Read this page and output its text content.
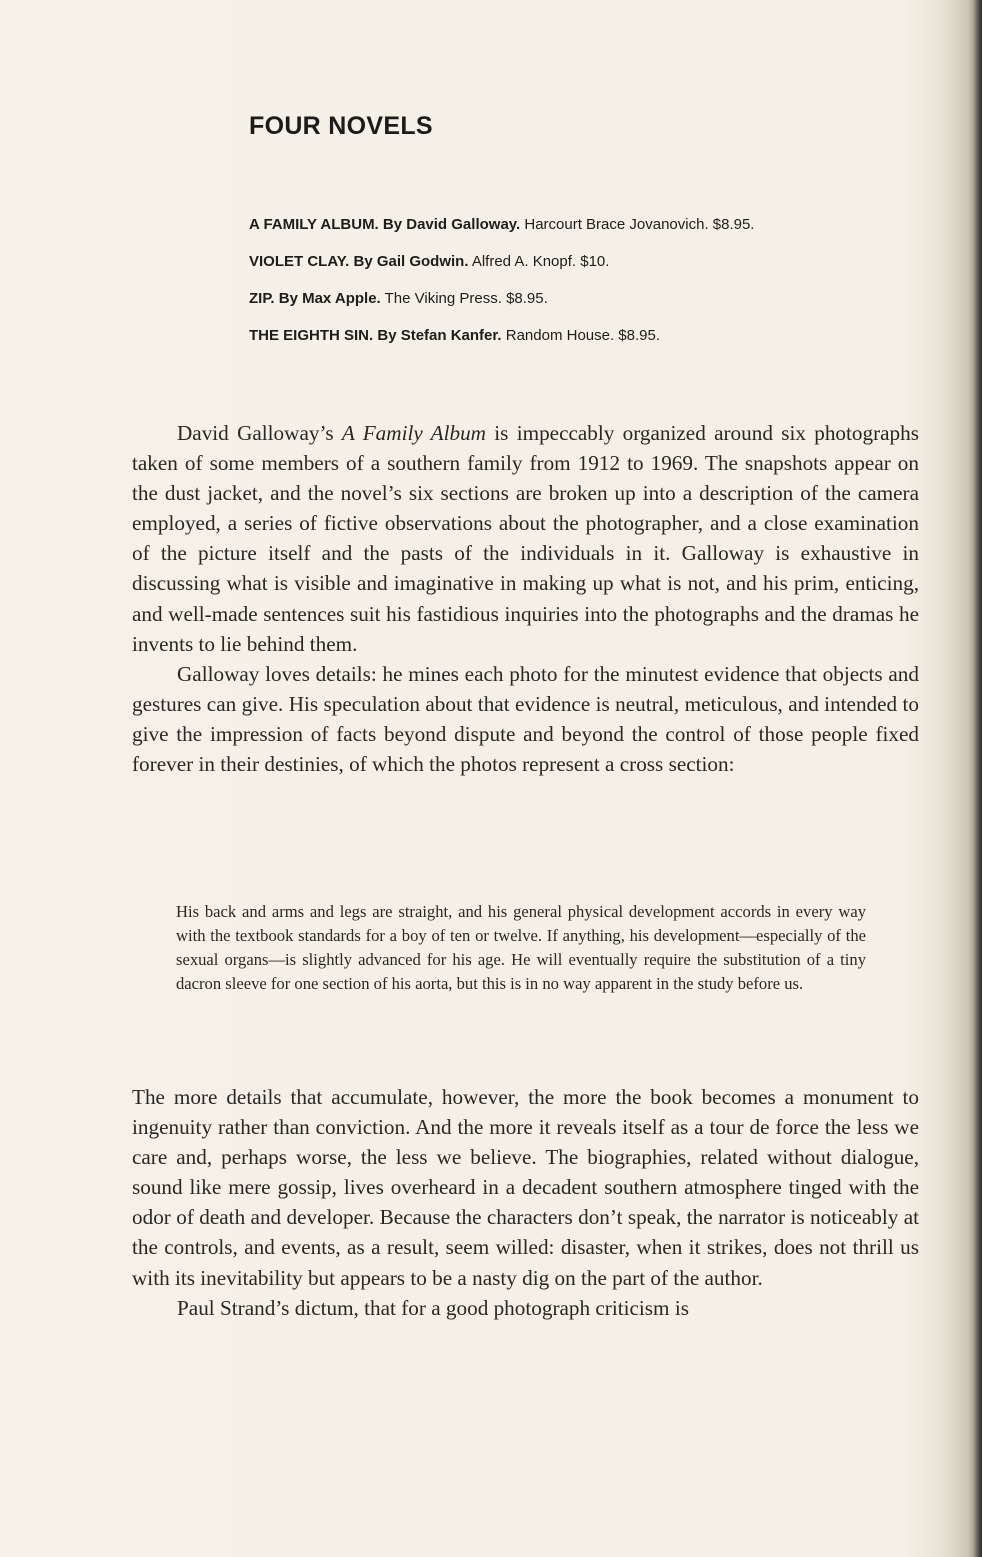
FOUR NOVELS

A FAMILY ALBUM. By David Galloway. Harcourt Brace Jovanovich. $8.95.

VIOLET CLAY. By Gail Godwin. Alfred A. Knopf. $10.

ZIP. By Max Apple. The Viking Press. $8.95.

THE EIGHTH SIN. By Stefan Kanfer. Random House. $8.95.

David Galloway’s A Family Album is impeccably organized around six photographs taken of some members of a southern family from 1912 to 1969. The snapshots appear on the dust jacket, and the novel’s six sections are broken up into a description of the camera employed, a series of fictive observations about the photographer, and a close examination of the picture itself and the pasts of the individuals in it. Galloway is exhaustive in discussing what is visible and imaginative in making up what is not, and his prim, enticing, and well-made sentences suit his fastidious inquiries into the photographs and the dramas he invents to lie behind them.

Galloway loves details: he mines each photo for the minutest evidence that objects and gestures can give. His speculation about that evidence is neutral, meticulous, and intended to give the impression of facts beyond dispute and beyond the control of those people fixed forever in their destinies, of which the photos represent a cross section:

His back and arms and legs are straight, and his general physical development accords in every way with the textbook standards for a boy of ten or twelve. If anything, his development—especially of the sexual organs—is slightly advanced for his age. He will eventually require the substitution of a tiny dacron sleeve for one section of his aorta, but this is in no way apparent in the study before us.

The more details that accumulate, however, the more the book becomes a monument to ingenuity rather than conviction. And the more it reveals itself as a tour de force the less we care and, perhaps worse, the less we believe. The biographies, related without dialogue, sound like mere gossip, lives overheard in a decadent southern atmosphere tinged with the odor of death and developer. Because the characters don’t speak, the narrator is noticeably at the controls, and events, as a result, seem willed: disaster, when it strikes, does not thrill us with its inevitability but appears to be a nasty dig on the part of the author.

Paul Strand’s dictum, that for a good photograph criticism is
